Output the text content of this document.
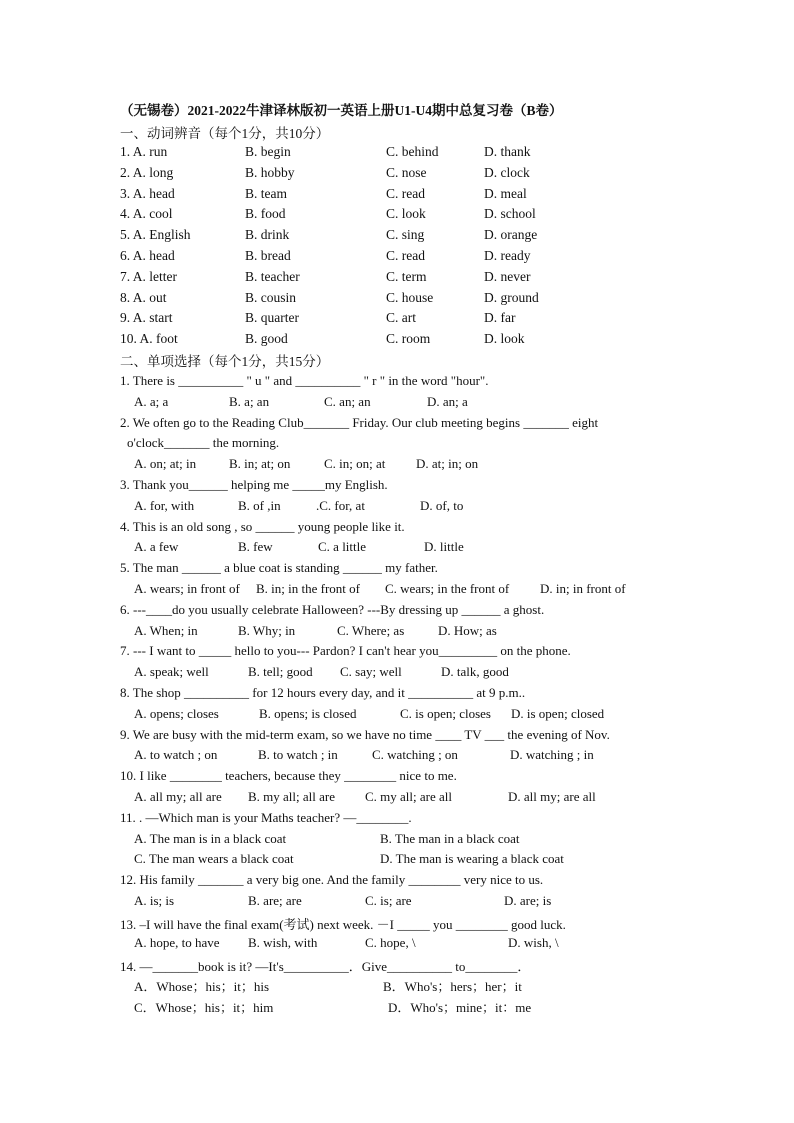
（无锡卷）2021-2022牛津译林版初一英语上册U1-U4期中总复习卷（B卷）
一、动词辨音（每个1分，共10分）
1. A. run	B. begin	C. behind	D. thank
2. A. long	B. hobby	C. nose	D. clock
3. A. head	B. team	C. read	D. meal
4. A. cool	B. food	C. look	D. school
5. A. English	B. drink	C. sing	D. orange
6. A. head	B. bread	C. read	D. ready
7. A. letter	B. teacher	C. term	D. never
8. A. out	B. cousin	C. house	D. ground
9. A. start	B. quarter	C. art	D. far
10. A. foot	B. good	C. room	D. look
二、单项选择（每个1分，共15分）
1. There is __________ " u " and __________ " r " in the word "hour".
A. a; a	B. a; an	C. an; an	D. an; a
2. We often go to the Reading Club_______ Friday. Our club meeting begins _______ eight
o'clock_______ the morning.
A. on; at; in	B. in; at; on	C. in; on; at D. at; in; on
3. Thank you______ helping me _____my English.
A. for, with	B. of ,in	.C. for, at	D. of, to
4. This is an old song , so ______ young people like it.
A. a few	B. few	C. a little	D. little
5. The man ______ a blue coat is standing ______ my father.
A. wears; in front of B. in; in the front of C. wears; in the front of D. in; in front of
6. ---____do you usually celebrate Halloween? ---By dressing up ______ a ghost.
A. When; in	B. Why; in	C. Where; as	D. How; as
7. --- I want to _____ hello to you--- Pardon? I can't hear you_________ on the phone.
A. speak; well	B. tell; good C. say; well	D. talk, good
8. The shop __________ for 12 hours every day, and it __________ at 9 p.m..
A. opens; closes	B. opens; is closed	C. is open; closes D. is open; closed
9. We are busy with the mid-term exam, so we have no time ____ TV ___ the evening of Nov.
A. to watch ; on	B. to watch ; in	C. watching ; on	D. watching ; in
10. I like ________ teachers, because they ________ nice to me.
A. all my; all are B. my all; all are C. my all; are all	D. all my; are all
11. . —Which man is your Maths teacher? —________.
A. The man is in a black coat	B. The man in a black coat
C. The man wears a black coat	D. The man is wearing a black coat
12. His family _______ a very big one. And the family ________ very nice to us.
A. is; is	B. are; are	C. is; are	D. are; is
13. –I will have the final exam(考试) next week. －I _____ you ________ good luck.
A. hope, to have B. wish, with	C. hope, \	D. wish, \
14. —_______book is it? —It's__________．Give__________ to________．
A．Whose；his；it；his	B．Who's；hers；her；it
C．Whose；his；it；him	D．Who's；mine；it：me
